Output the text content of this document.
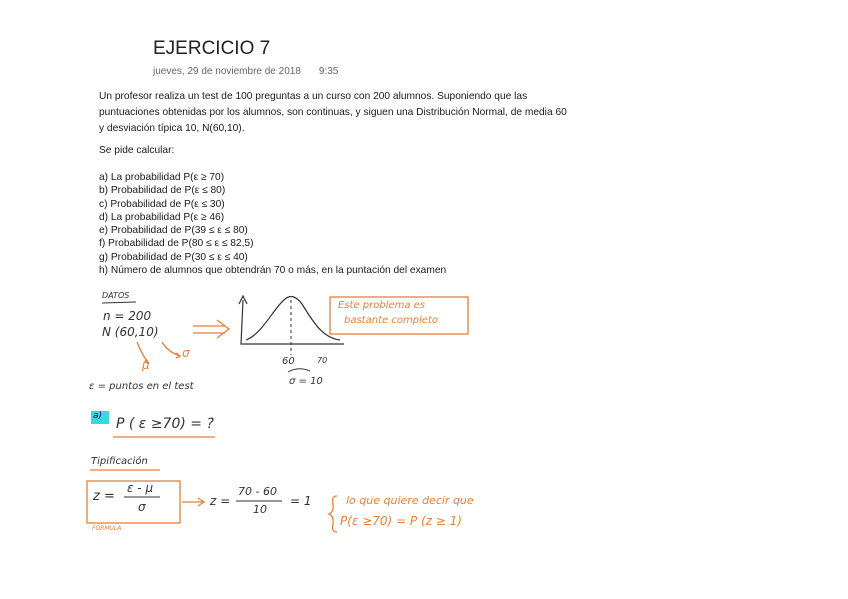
EJERCICIO 7
jueves, 29 de noviembre de 2018 9:35

Un profesor realiza un test de 100 preguntas a un curso con 200 alumnos. Suponiendo que las

puntuaciones obtenidas por los alumnos, son continuas, y siguen una Distribución Normal, de media 60

y desviación típica 10, N(60,10).

Se pide calcular:
a) La probabilidad P(ε ≥ 70)
b) Probabilidad de P(ε ≤ 80)
c) Probabilidad de P(ε ≤ 30)
d) La probabilidad P(ε ≥ 46)
e) Probabilidad de P(39 ≤ ε ≤ 80)
f) Probabilidad de P(80 ≤ ε ≤ 82,5)
g) Probabilidad de P(30 ≤ ε ≤ 40)
h) Número de alumnos que obtendrán 70 o más, en la puntación del examen
DATOS
n = 200
N (60,10)
μ
σ
Este problema es
bastante completo
60	70
σ = 10
ε = puntos en el test
a) P ( ε ≥70) = ?
Tipificación
z =
ε - μ
σ
FÓRMULA
z =
70 - 60
10
= 1	lo que quiere decir que
P(ε ≥70) = P (z ≥ 1)
